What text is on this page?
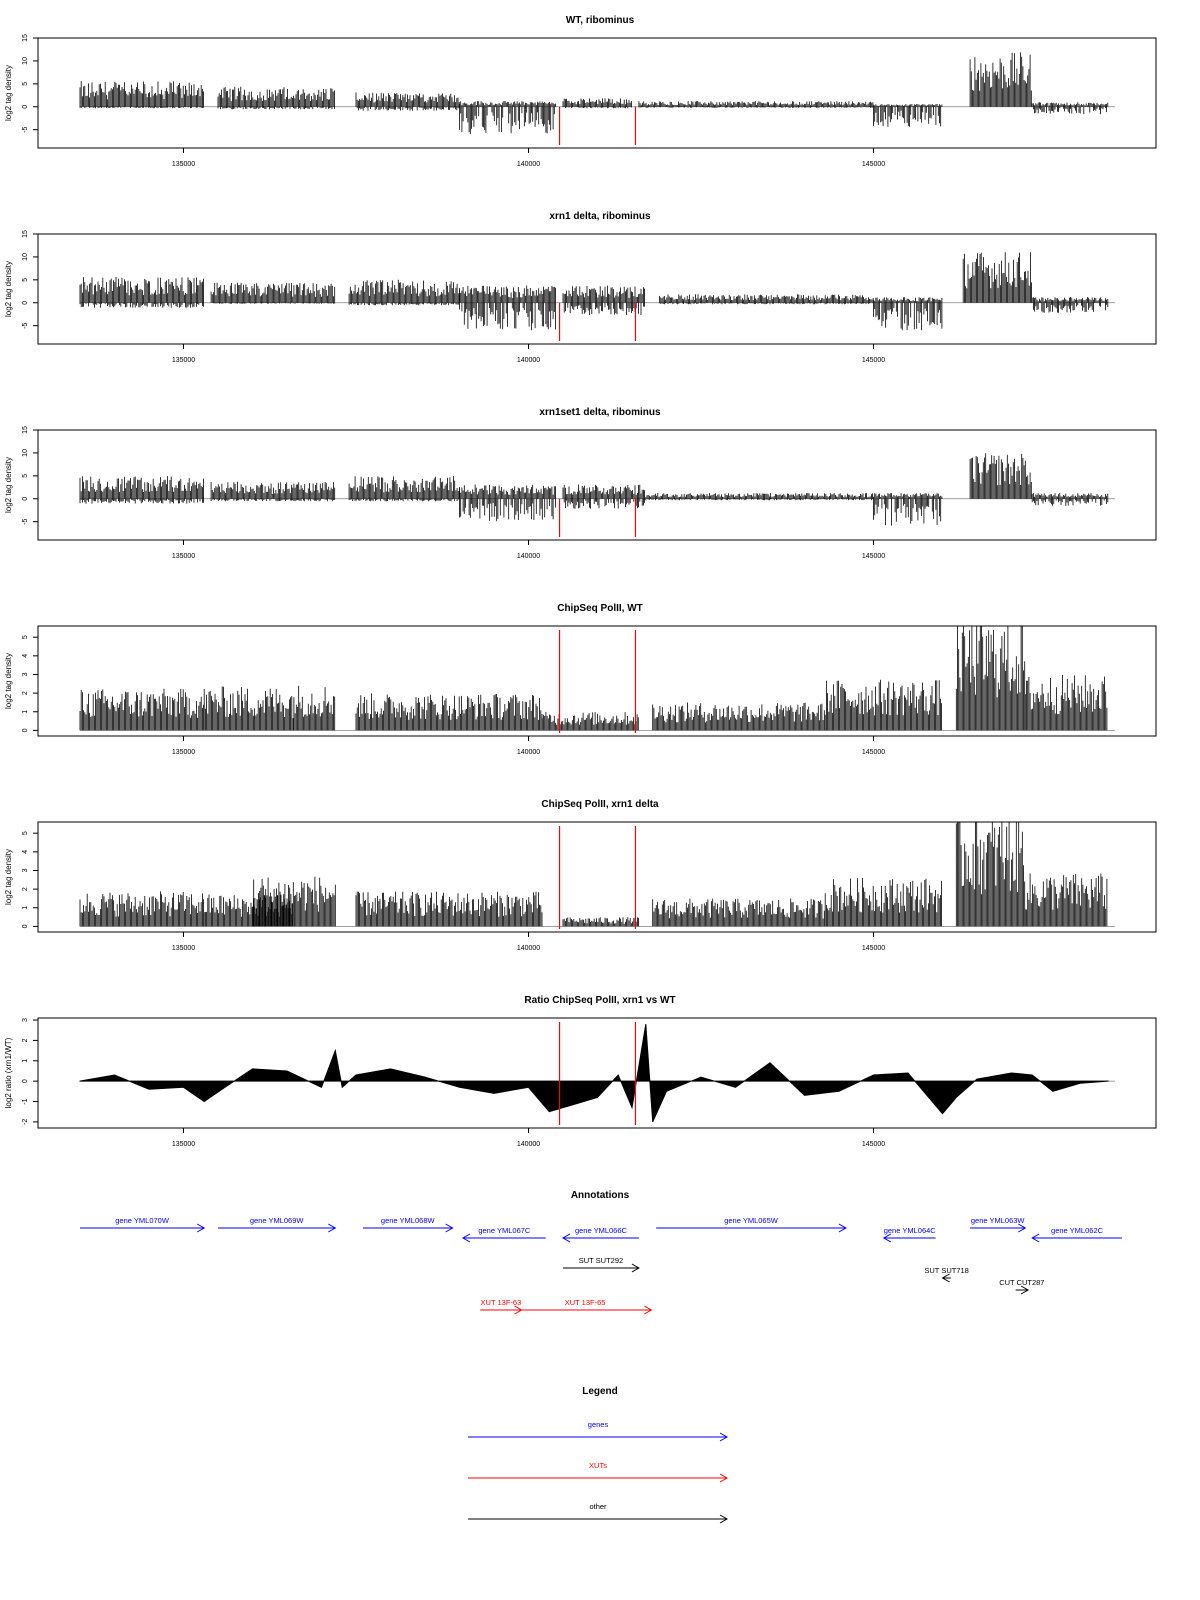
WT, ribominus
log2 tag density
-5
0
5
10
15
135000	140000	145000
xrn1 delta, ribominus
log2 tag density
-5
0
5
10
15
135000	140000	145000
xrn1set1 delta, ribominus
log2 tag density
-5
0
5
10
15
135000	140000	145000
ChipSeq PolII, WT
log2 tag density
0
1
2
3
4
5
135000	140000	145000
ChipSeq PolII, xrn1 delta
log2 tag density
0
1
2
3
4
5
135000	140000	145000
Ratio ChipSeq PolII, xrn1 vs WT
log2 ratio (xrn1/WT)
-2
-1
0
1
2
3
135000	140000	145000
Annotations
gene YML070W	gene YML069W	gene YML068W
gene YML067C	gene YML066C
gene YML065W
gene YML064C
gene YML063W
gene YML062C
SUT SUT292
SUT SUT718
CUT CUT287
XUT 13F-63	XUT 13F-65
Legend
genes
XUTs
other
